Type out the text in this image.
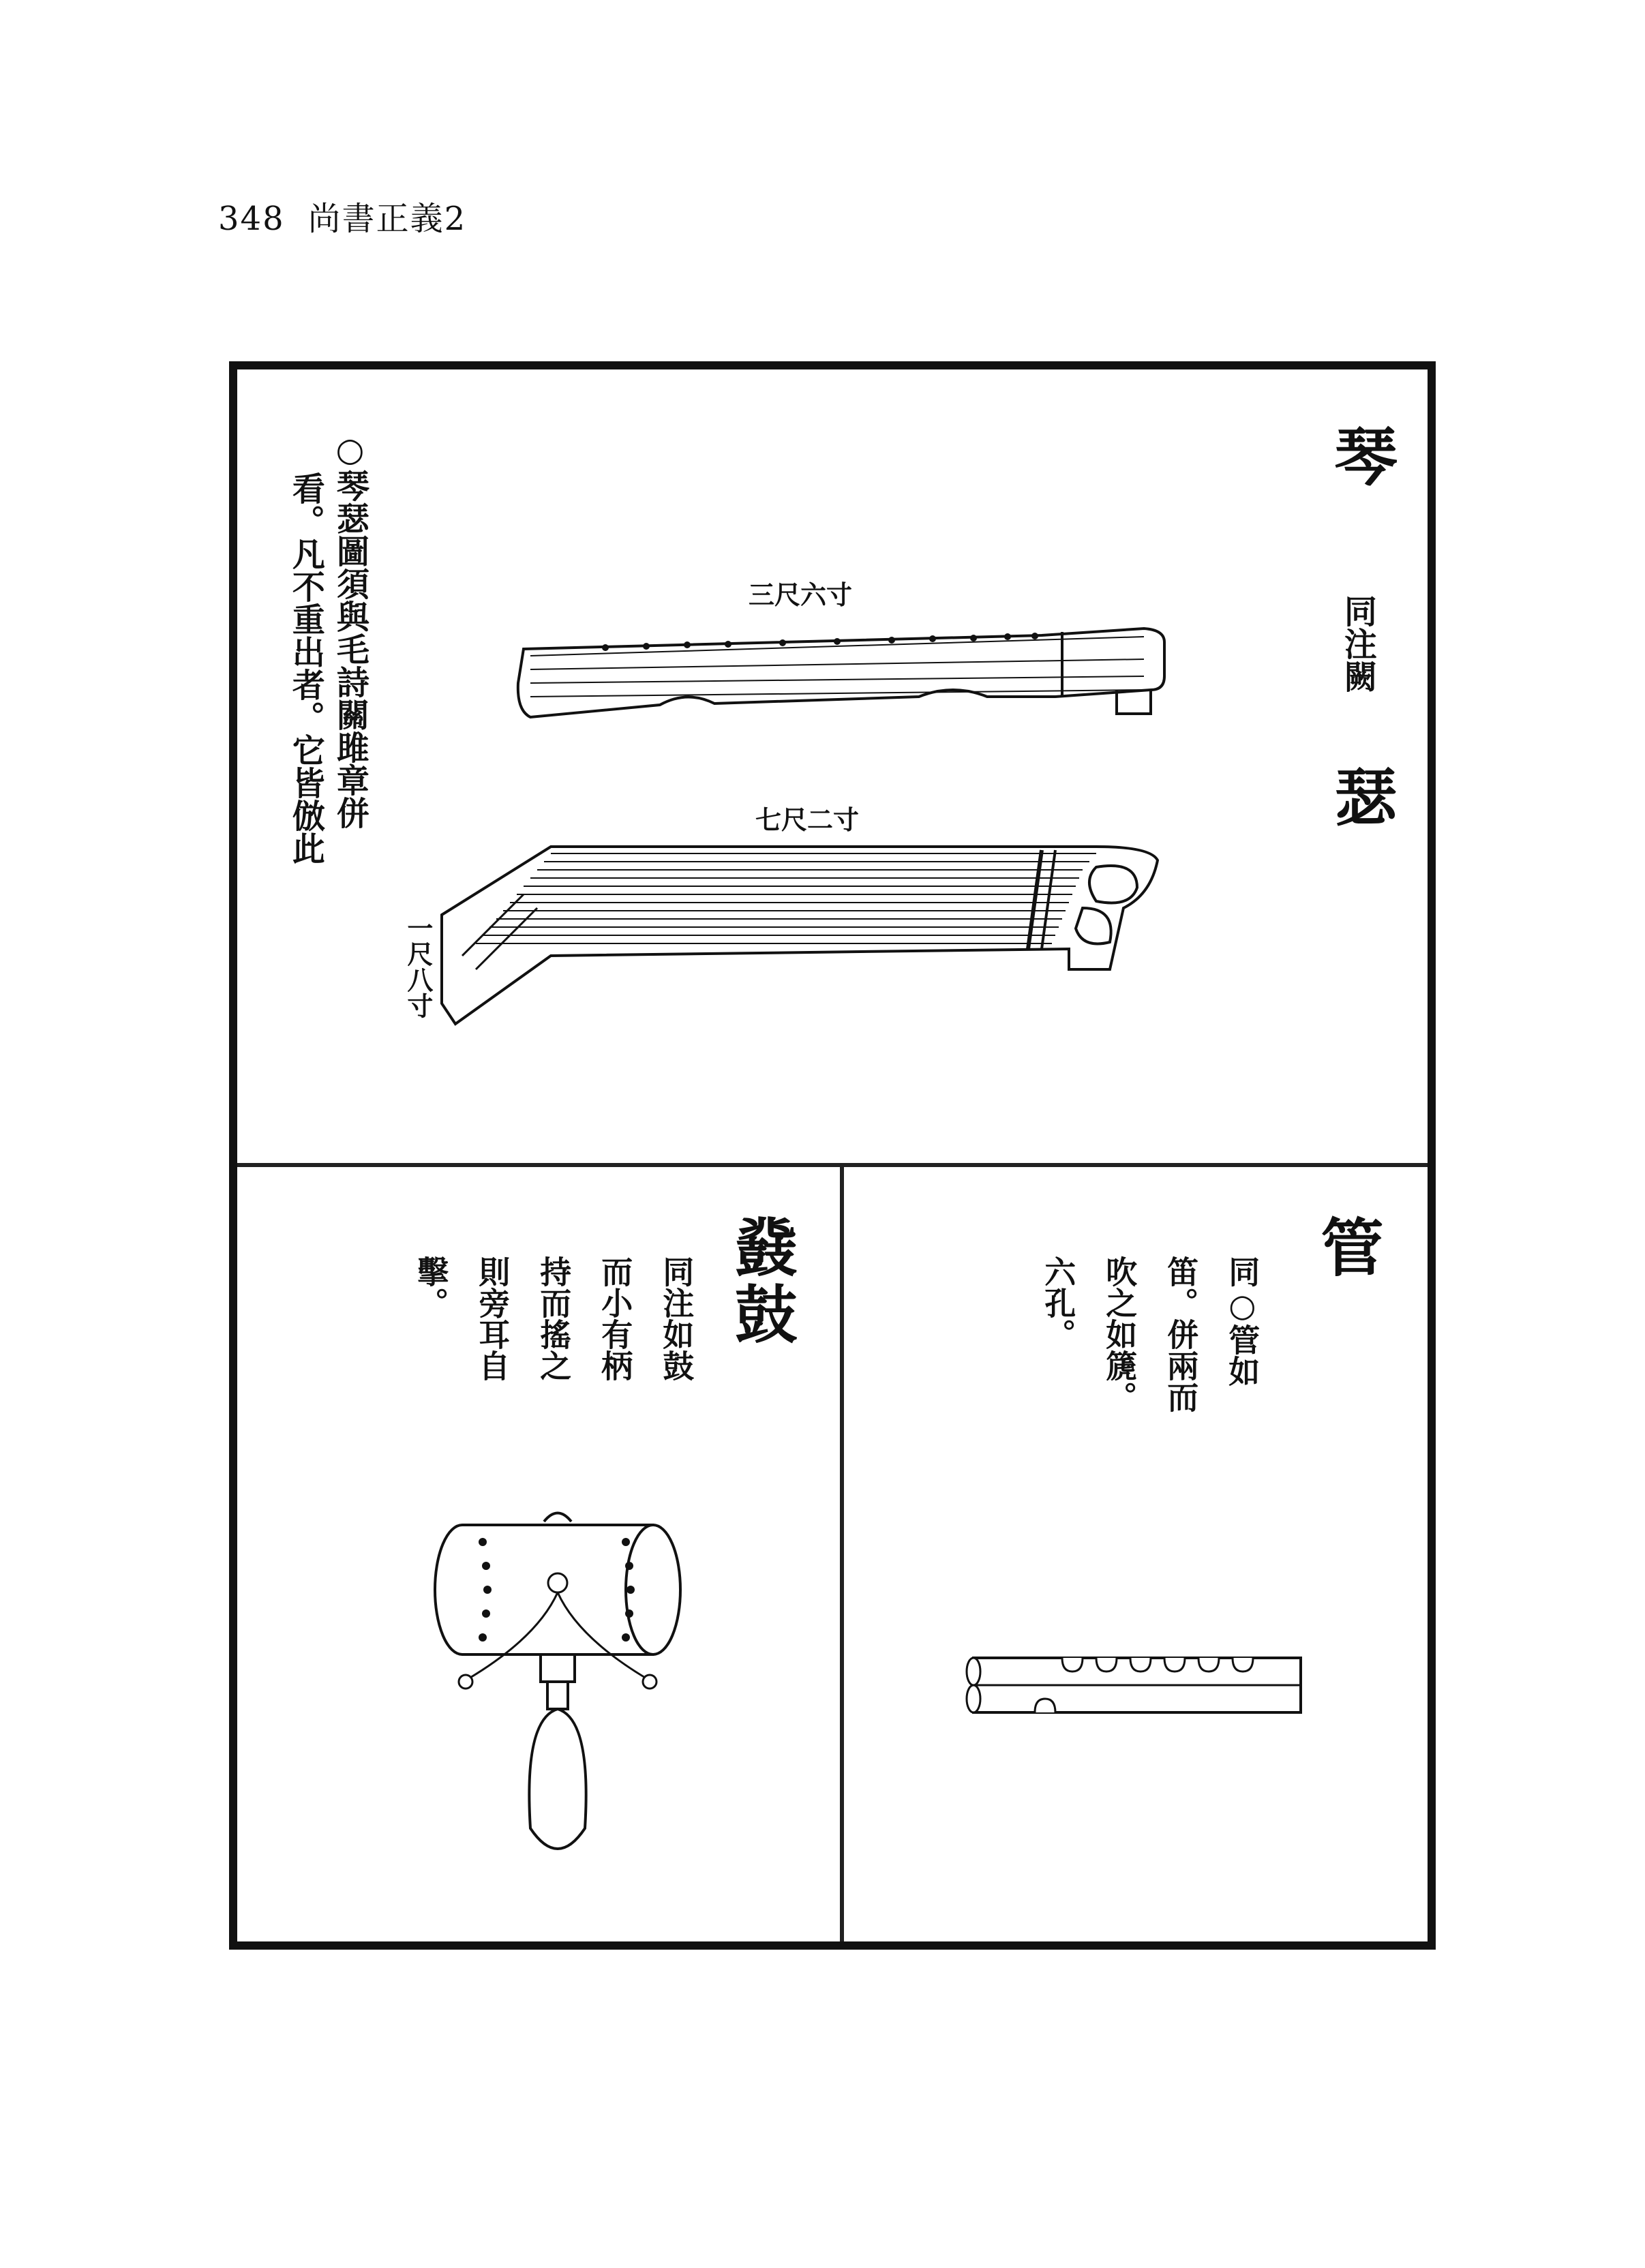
348 尚書正義2
琴
同注闕
瑟
三尺六寸
七尺二寸
一尺八寸
○琴瑟圖須與毛詩關雎章併
看。凡不重出者。它皆倣此
鼗鼓
同注如鼓
而小有柄
持而搖之
則旁耳自
擊。
管
同○管如
笛。併兩而
吹之如篪。
六孔。
